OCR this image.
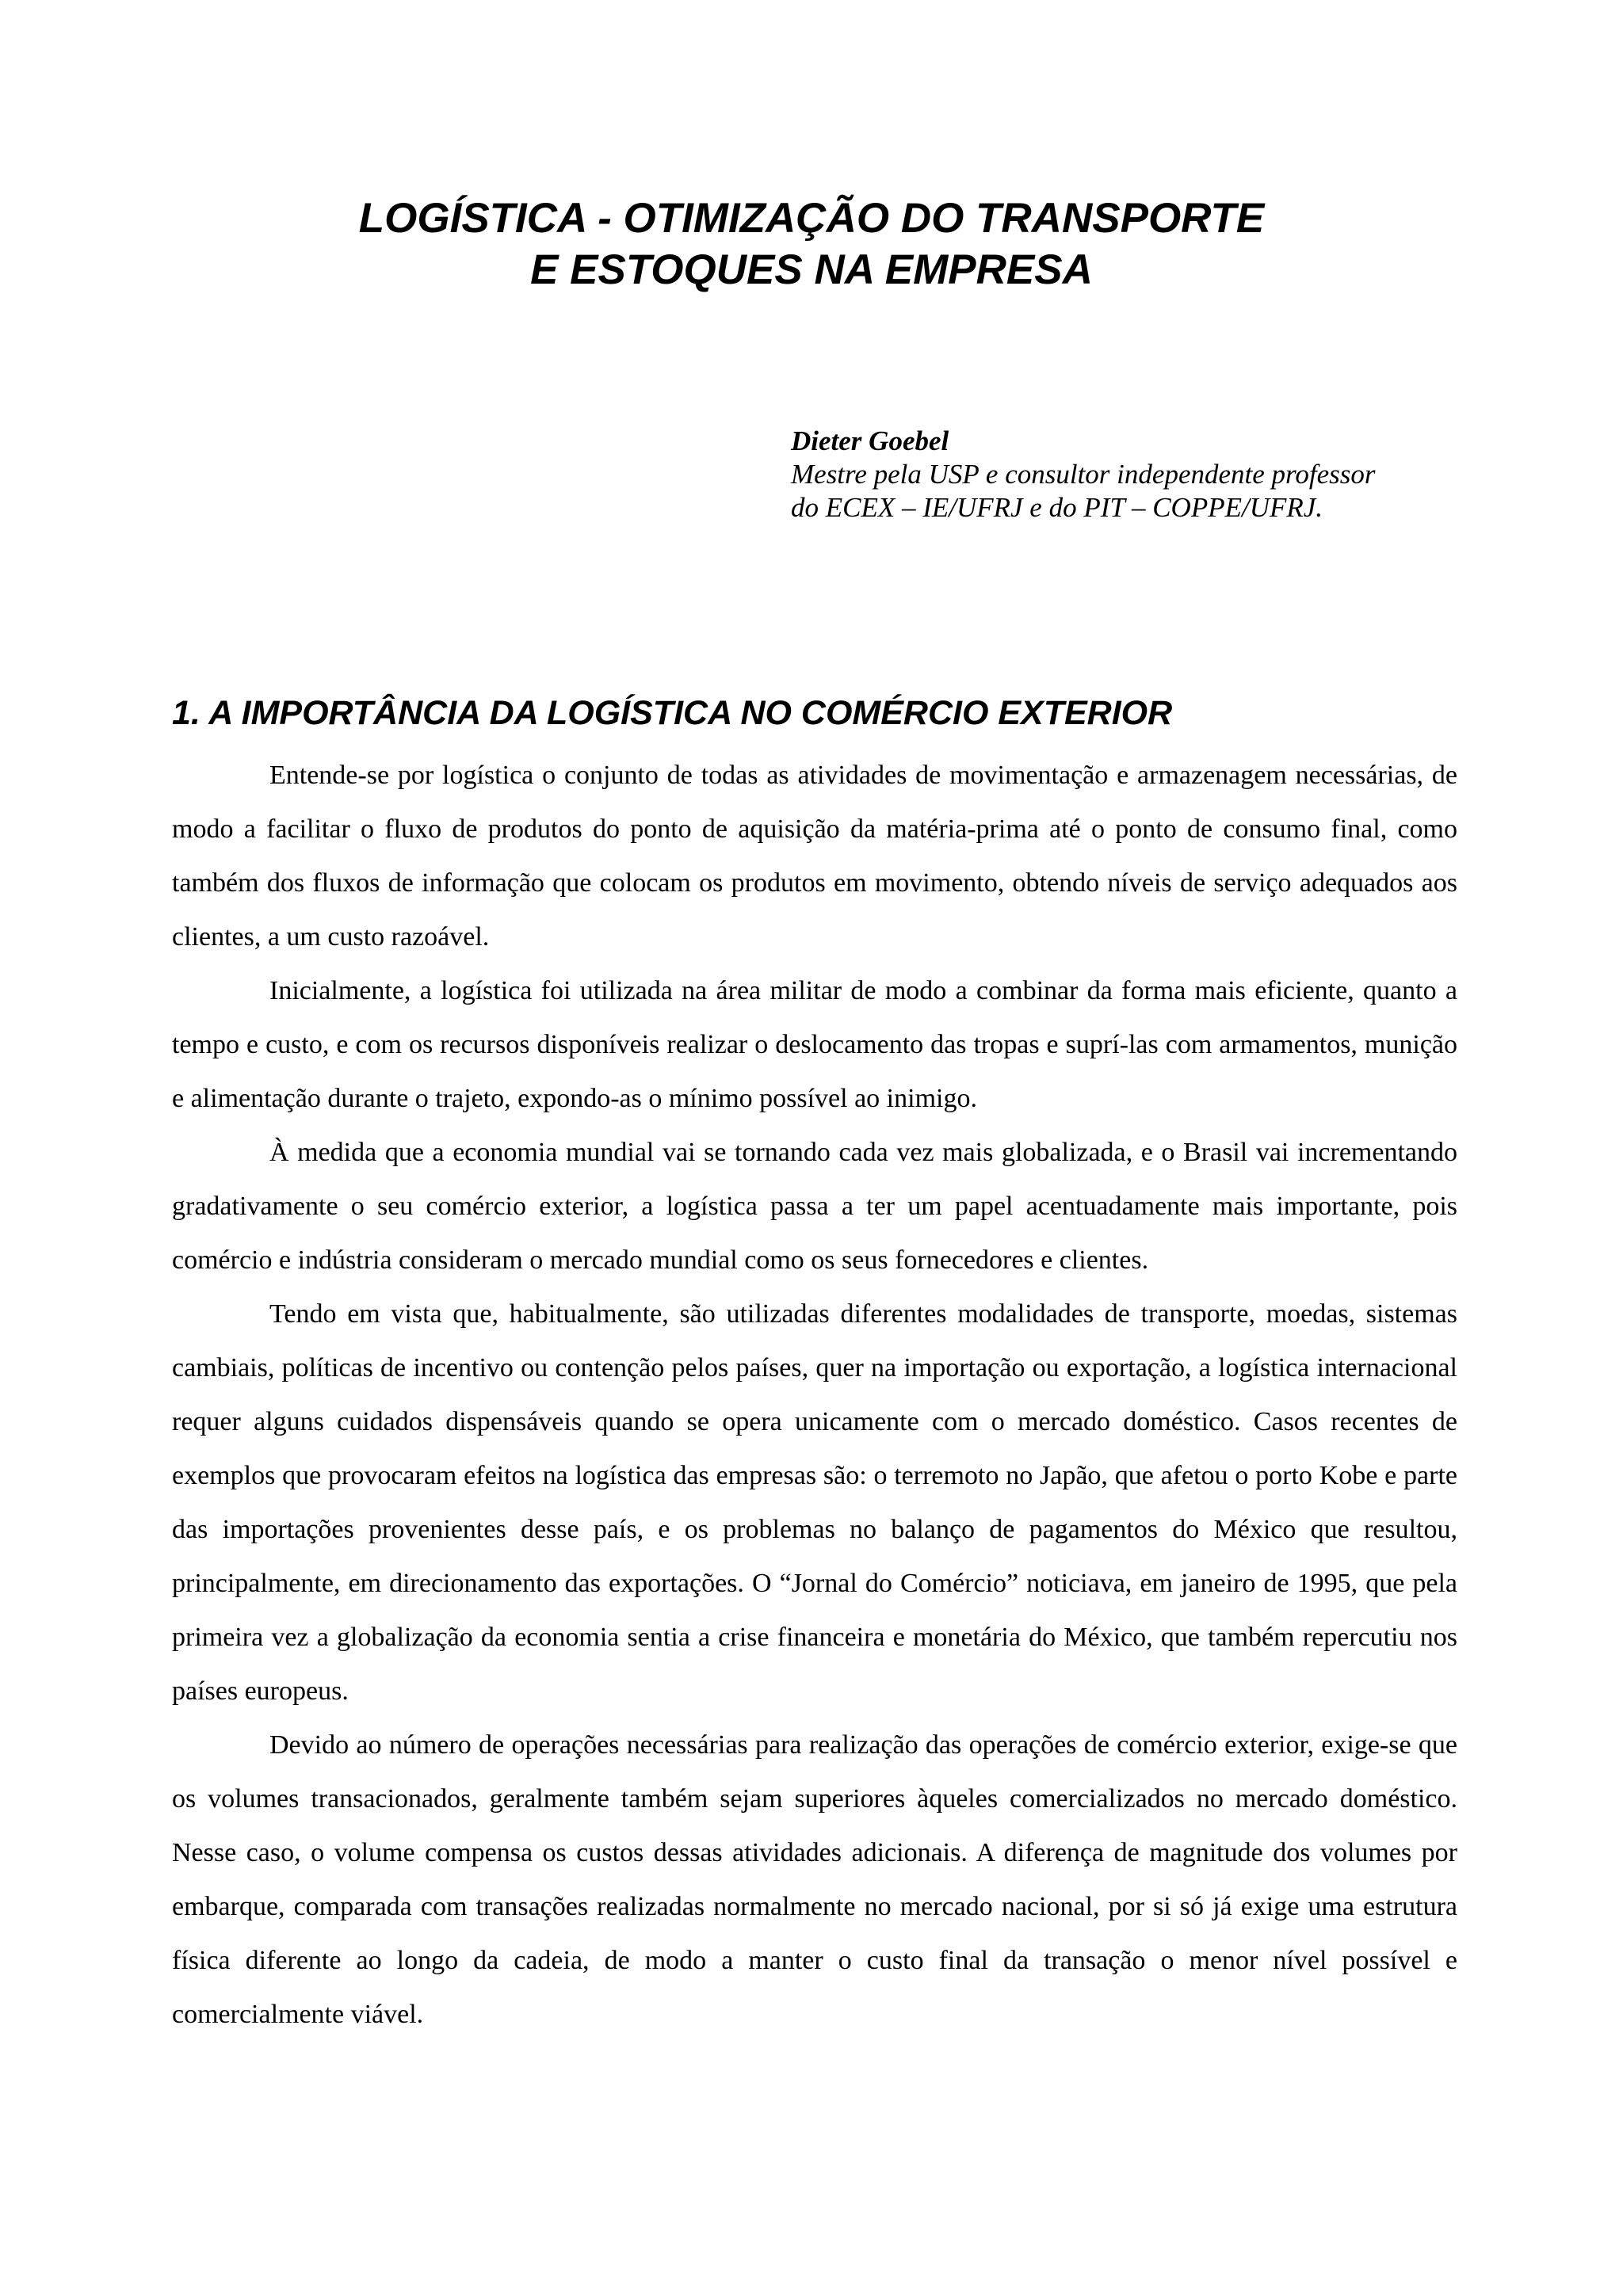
LOGÍSTICA - OTIMIZAÇÃO DO TRANSPORTE
E ESTOQUES NA EMPRESA
Dieter Goebel
Mestre pela USP e consultor independente professor
do ECEX – IE/UFRJ e do PIT – COPPE/UFRJ.
1. A IMPORTÂNCIA DA LOGÍSTICA NO COMÉRCIO EXTERIOR

Entende-se por logística o conjunto de todas as atividades de movimentação e armazenagem necessárias, de modo a facilitar o fluxo de produtos do ponto de aquisição da matéria-prima até o ponto de consumo final, como também dos fluxos de informação que colocam os produtos em movimento, obtendo níveis de serviço adequados aos clientes, a um custo razoável.

Inicialmente, a logística foi utilizada na área militar de modo a combinar da forma mais eficiente, quanto a tempo e custo, e com os recursos disponíveis realizar o deslocamento das tropas e suprí-las com armamentos, munição e alimentação durante o trajeto, expondo-as o mínimo possível ao inimigo.

À medida que a economia mundial vai se tornando cada vez mais globalizada, e o Brasil vai incrementando gradativamente o seu comércio exterior, a logística passa a ter um papel acentuadamente mais importante, pois comércio e indústria consideram o mercado mundial como os seus fornecedores e clientes.

Tendo em vista que, habitualmente, são utilizadas diferentes modalidades de transporte, moedas, sistemas cambiais, políticas de incentivo ou contenção pelos países, quer na importação ou exportação, a logística internacional requer alguns cuidados dispensáveis quando se opera unicamente com o mercado doméstico. Casos recentes de exemplos que provocaram efeitos na logística das empresas são: o terremoto no Japão, que afetou o porto Kobe e parte das importações provenientes desse país, e os problemas no balanço de pagamentos do México que resultou, principalmente, em direcionamento das exportações. O “Jornal do Comércio” noticiava, em janeiro de 1995, que pela primeira vez a globalização da economia sentia a crise financeira e monetária do México, que também repercutiu nos países europeus.

Devido ao número de operações necessárias para realização das operações de comércio exterior, exige-se que os volumes transacionados, geralmente também sejam superiores àqueles comercializados no mercado doméstico. Nesse caso, o volume compensa os custos dessas atividades adicionais. A diferença de magnitude dos volumes por embarque, comparada com transações realizadas normalmente no mercado nacional, por si só já exige uma estrutura física diferente ao longo da cadeia, de modo a manter o custo final da transação o menor nível possível e comercialmente viável.
